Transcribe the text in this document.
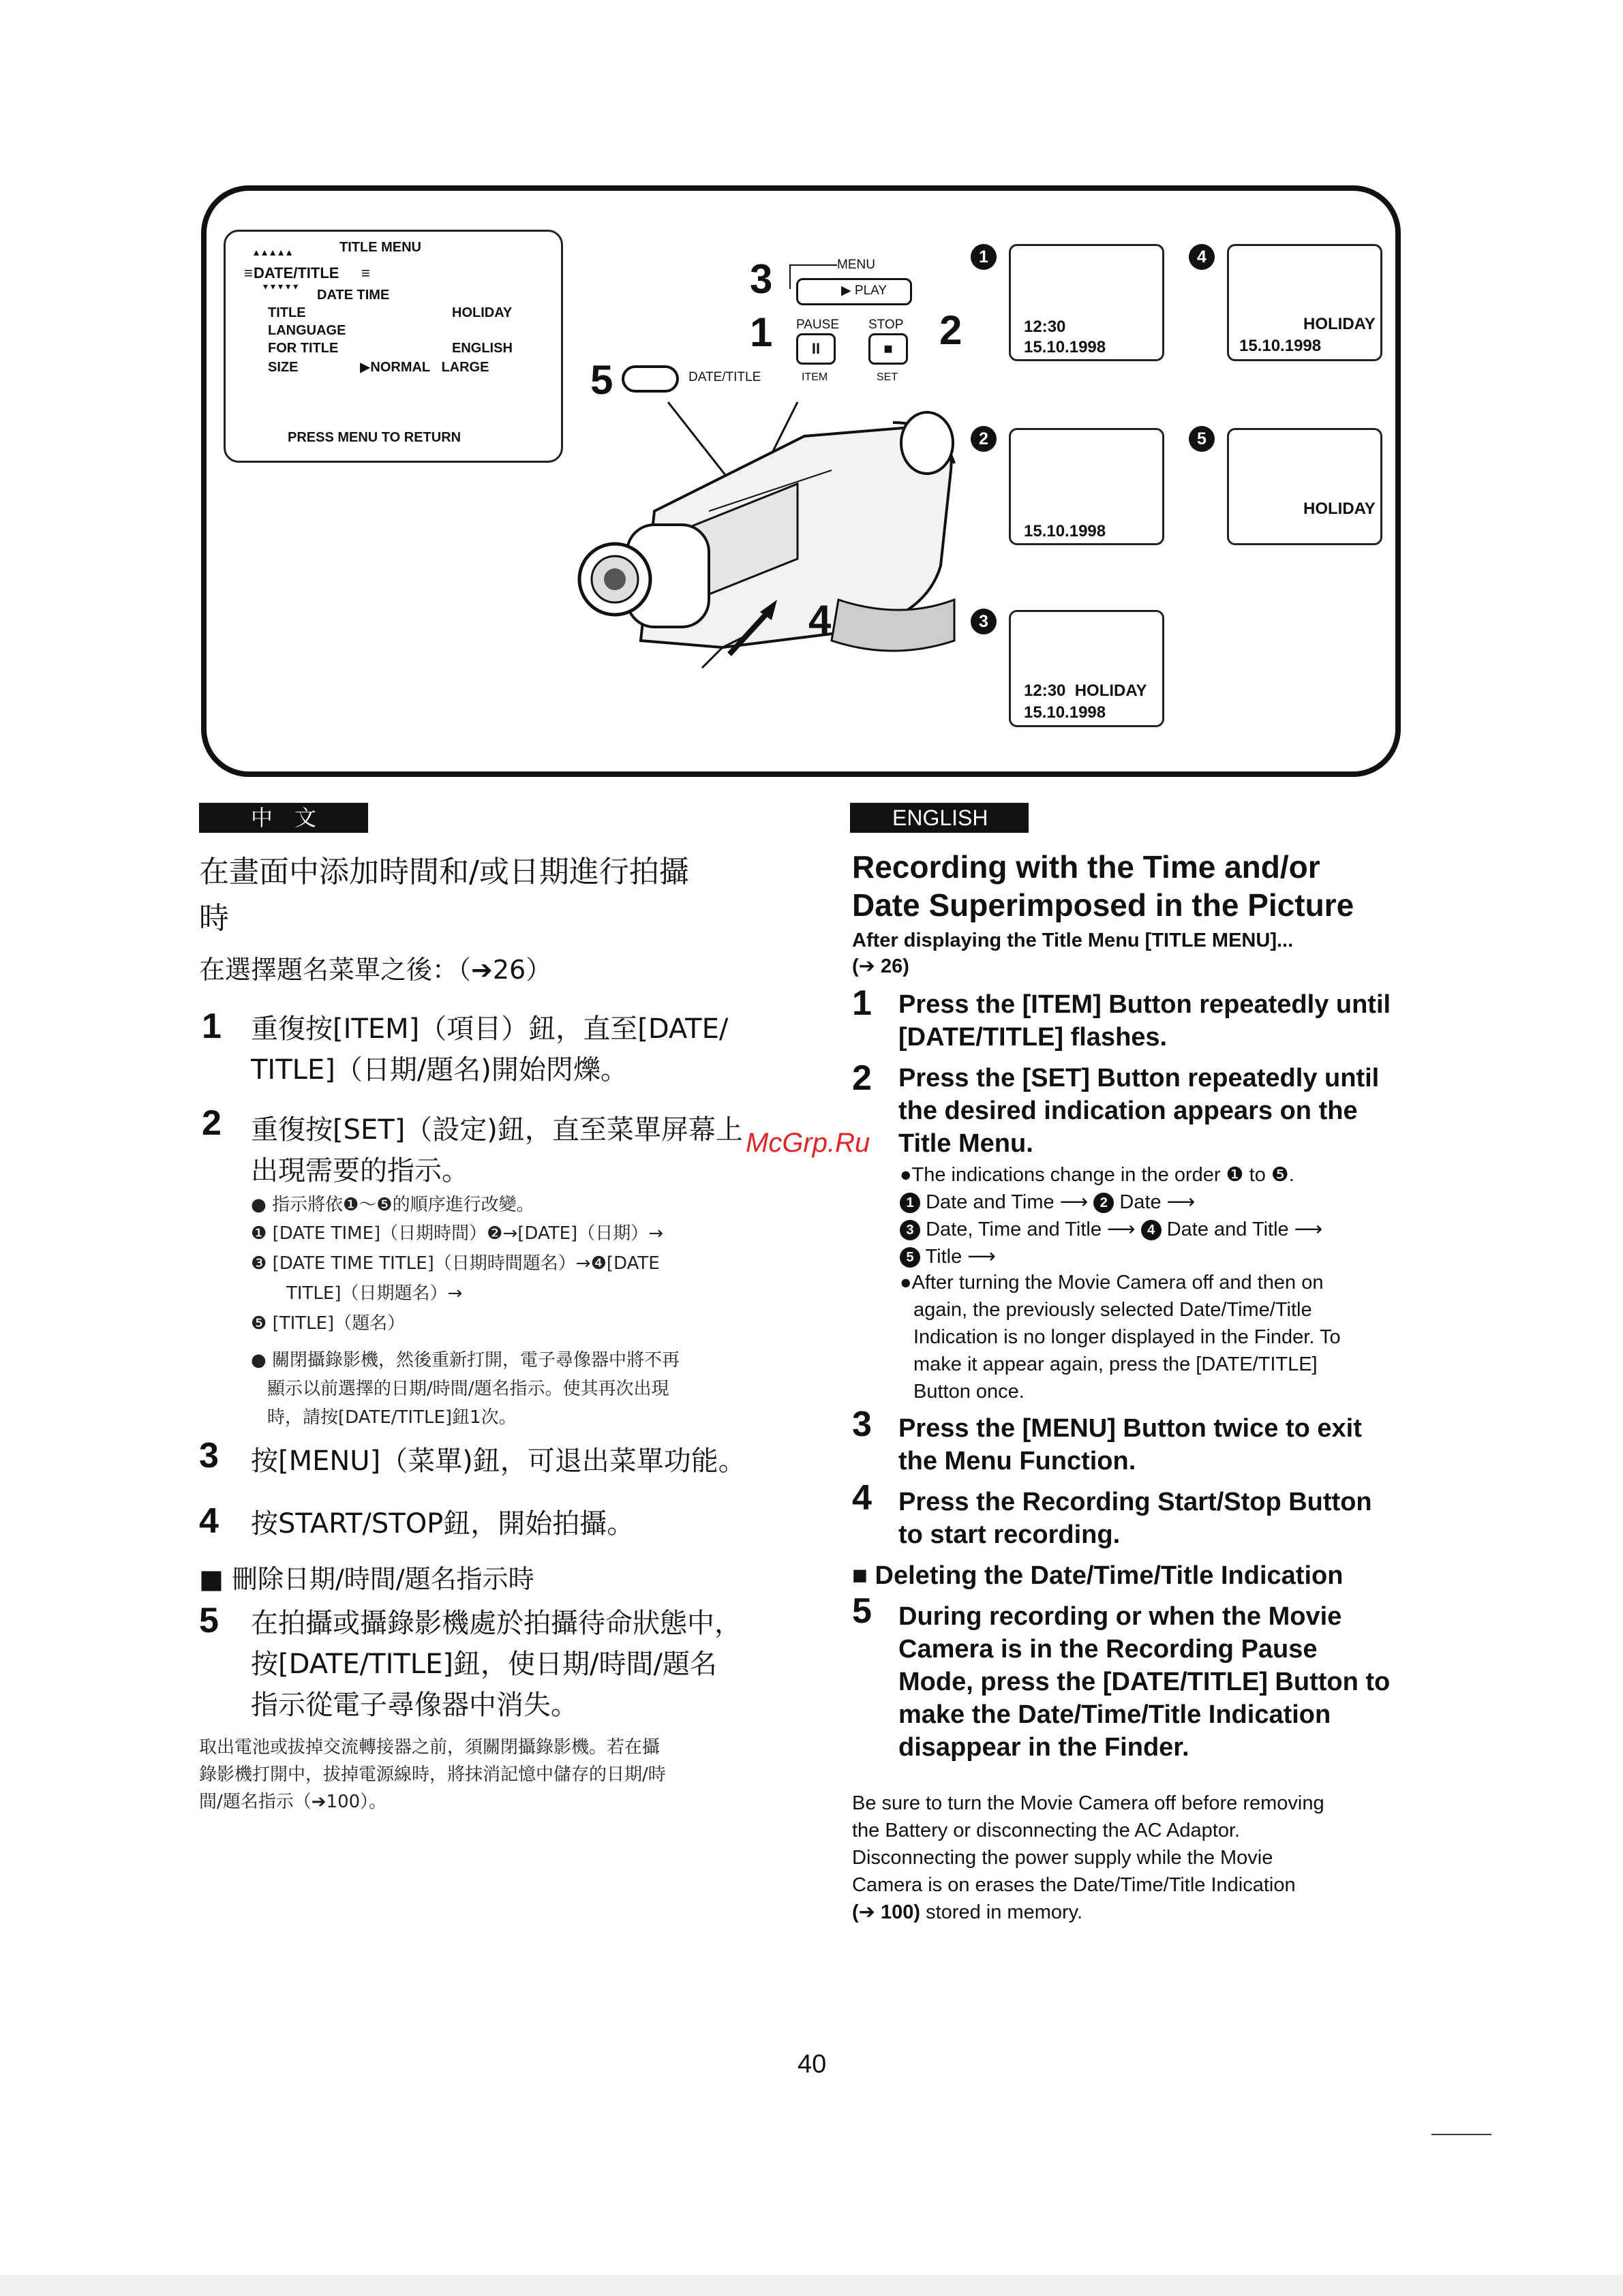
TITLE MENU
▴▴▴▴▴
DATE/TITLE
≡	≡
▾▾▾▾▾
DATE TIME
TITLE	HOLIDAY
LANGUAGE
FOR TITLE	ENGLISH
SIZE	▶NORMAL   LARGE
PRESS MENU TO RETURN
3	MENU
▶ PLAY
1 PAUSE STOP
II	■	2
ITEM	SET
5	DATE/TITLE
4
1
12:30
15.10.1998
4
HOLIDAY
15.10.1998
2
15.10.1998
5
HOLIDAY
3
12:30  HOLIDAY
15.10.1998
中　文
在畫面中添加時間和/或日期進行拍攝
時
在選擇題名菜單之後：（➔26）
1 重復按[ITEM]（項目）鈕，直至[DATE/
TITLE]（日期/題名)開始閃爍。
2 重復按[SET]（設定)鈕，直至菜單屏幕上
出現需要的指示。
● 指示將依❶～❺的順序進行改變。
❶ [DATE TIME]（日期時間）❷→[DATE]（日期）→
❸ [DATE TIME TITLE]（日期時間題名）→❹[DATE
TITLE]（日期題名）→
❺ [TITLE]（題名）
● 關閉攝錄影機，然後重新打開，電子尋像器中將不再
顯示以前選擇的日期/時間/題名指示。使其再次出現
時，請按[DATE/TITLE]鈕1次。
3 按[MENU]（菜單)鈕，可退出菜單功能。
4 按START/STOP鈕，開始拍攝。
■ 刪除日期/時間/題名指示時
5 在拍攝或攝錄影機處於拍攝待命狀態中，
按[DATE/TITLE]鈕，使日期/時間/題名
指示從電子尋像器中消失。
取出電池或拔掉交流轉接器之前，須關閉攝錄影機。若在攝
錄影機打開中，拔掉電源線時，將抹消記憶中儲存的日期/時
間/題名指示（➔100）。
McGrp.Ru
ENGLISH
Recording with the Time and/or
Date Superimposed in the Picture
After displaying the Title Menu [TITLE MENU]...
(➔ 26)
1 Press the [ITEM] Button repeatedly until
[DATE/TITLE] flashes.
2 Press the [SET] Button repeatedly until
the desired indication appears on the
Title Menu.
●The indications change in the order ❶ to ❺.
1 Date and Time ⟶ 2 Date ⟶
3 Date, Time and Title ⟶ 4 Date and Title ⟶
5 Title ⟶
●After turning the Movie Camera off and then on
again, the previously selected Date/Time/Title
Indication is no longer displayed in the Finder. To
make it appear again, press the [DATE/TITLE]
Button once.
3 Press the [MENU] Button twice to exit
the Menu Function.
4 Press the Recording Start/Stop Button
to start recording.
■ Deleting the Date/Time/Title Indication
5 During recording or when the Movie
Camera is in the Recording Pause
Mode, press the [DATE/TITLE] Button to
make the Date/Time/Title Indication
disappear in the Finder.
Be sure to turn the Movie Camera off before removing
the Battery or disconnecting the AC Adaptor.
Disconnecting the power supply while the Movie
Camera is on erases the Date/Time/Title Indication
(➔ 100) stored in memory.
40
